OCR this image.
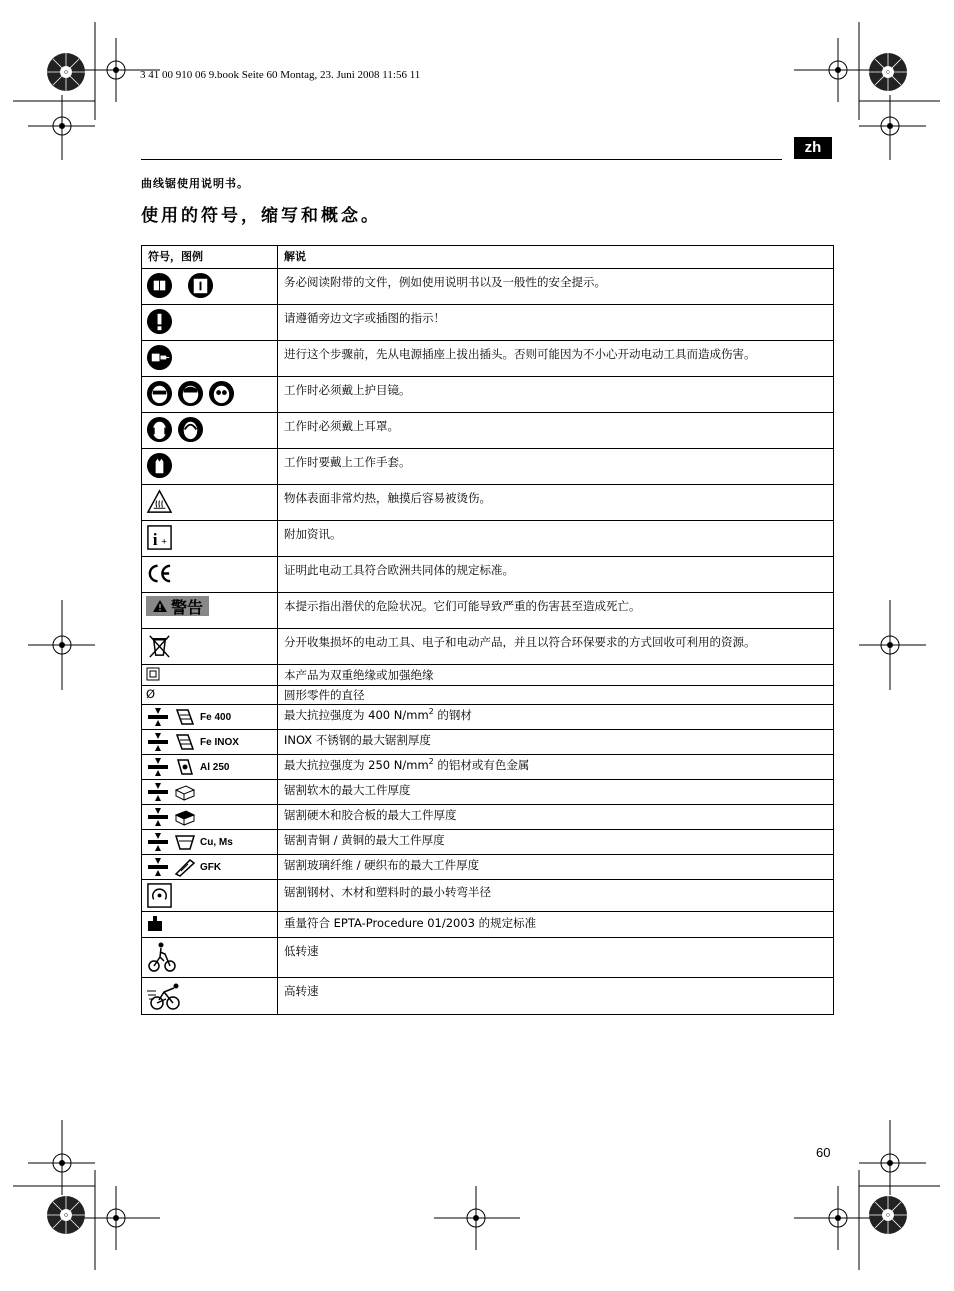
3 41 00 910 06 9.book Seite 60 Montag, 23. Juni 2008 11:56 11
zh
曲线锯使用说明书。
使用的符号，缩写和概念。
符号，图例	解说

	务必阅读附带的文件，例如使用说明书以及一般性的安全提示。

	请遵循旁边文字或插图的指示！

	进行这个步骤前，先从电源插座上拔出插头。否则可能因为不小心开动电动工具而造成伤害。

	工作时必须戴上护目镜。

	工作时必须戴上耳罩。

	工作时要戴上工作手套。

	物体表面非常灼热，触摸后容易被烫伤。

i +	附加资讯。

	证明此电动工具符合欧洲共同体的规定标准。

警告	本提示指出潜伏的危险状况。它们可能导致严重的伤害甚至造成死亡。

	分开收集损坏的电动工具、电子和电动产品，并且以符合环保要求的方式回收可利用的资源。

	本产品为双重绝缘或加强绝缘
Ø	圆形零件的直径

Fe 400	最大抗拉强度为 400 $N/mm^2$ 的钢材

Fe INOX	INOX 不锈钢的最大锯割厚度

Al 250	最大抗拉强度为 250 $N/mm^2$ 的铝材或有色金属

	锯割软木的最大工件厚度

	锯割硬木和胶合板的最大工件厚度

Cu, Ms	锯割青铜 / 黄铜的最大工件厚度

GFK	锯割玻璃纤维 / 硬织布的最大工件厚度

	锯割钢材、木材和塑料时的最小转弯半径

	重量符合 EPTA-Procedure 01/2003 的规定标准

	低转速

	高转速
60
